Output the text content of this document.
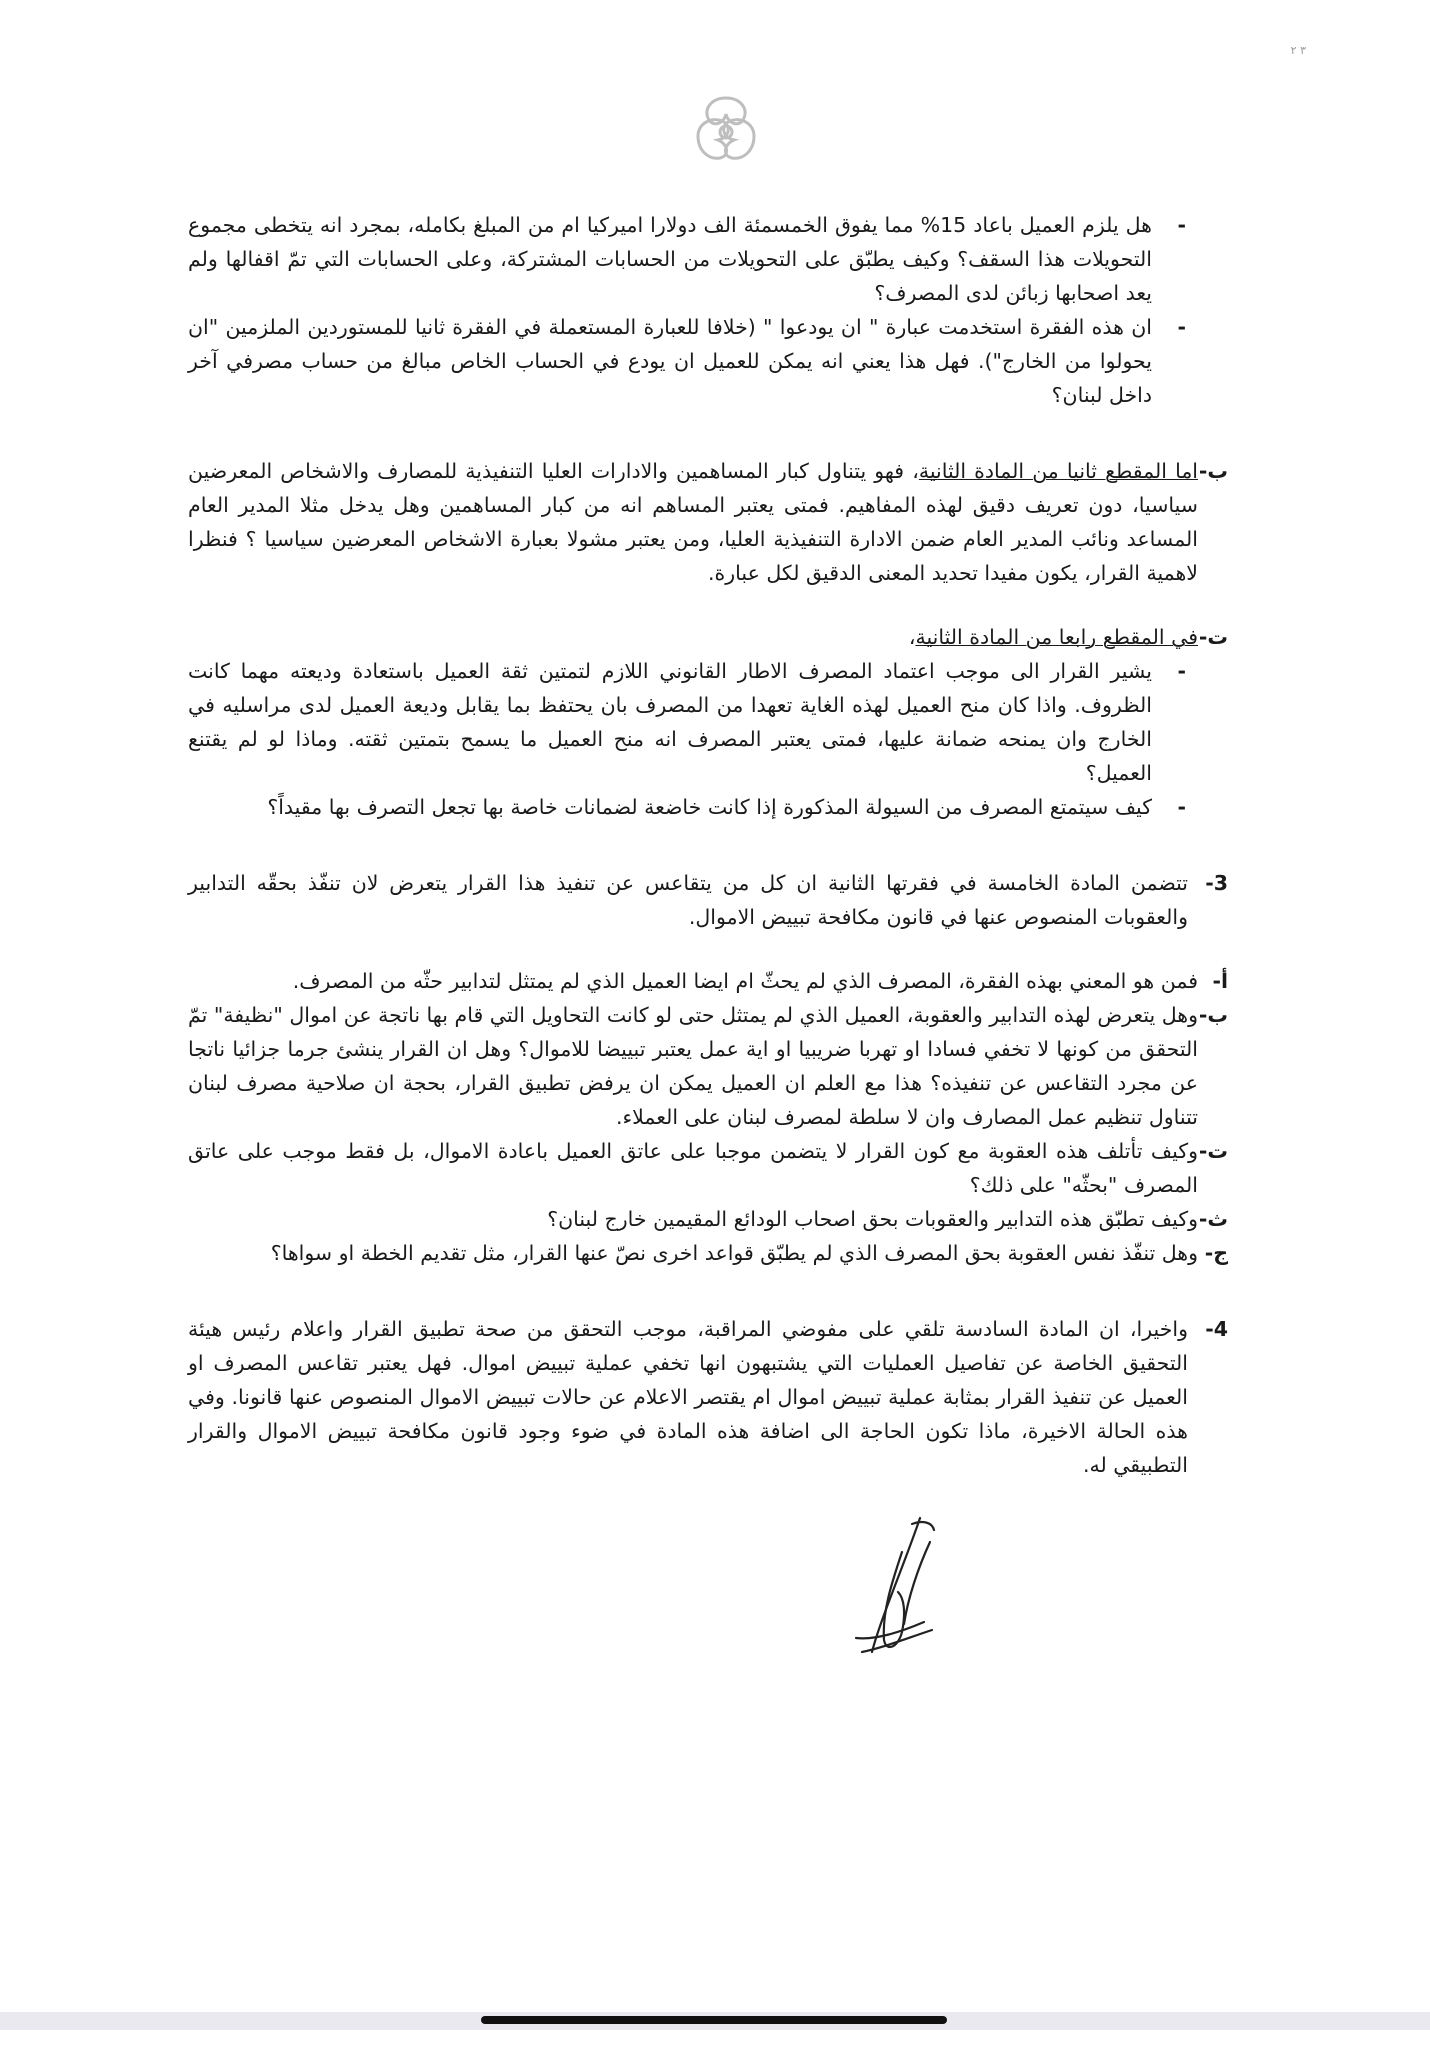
٣ ٢
-
هل يلزم العميل باعاد 15% مما يفوق الخمسمئة الف دولارا اميركيا ام من المبلغ بكامله، بمجرد انه يتخطى مجموع التحويلات هذا السقف؟ وكيف يطبّق على التحويلات من الحسابات المشتركة، وعلى الحسابات التي تمّ اقفالها ولم يعد اصحابها زبائن لدى المصرف؟
-
ان هذه الفقرة استخدمت عبارة " ان يودعوا " (خلافا للعبارة المستعملة في الفقرة ثانيا للمستوردين الملزمين "ان يحولوا من الخارج"). فهل هذا يعني انه يمكن للعميل ان يودع في الحساب الخاص مبالغ من حساب مصرفي آخر داخل لبنان؟
ب-
اما المقطع ثانيا من المادة الثانية، فهو يتناول كبار المساهمين والادارات العليا التنفيذية للمصارف والاشخاص المعرضين سياسيا، دون تعريف دقيق لهذه المفاهيم. فمتى يعتبر المساهم انه من كبار المساهمين وهل يدخل مثلا المدير العام المساعد ونائب المدير العام ضمن الادارة التنفيذية العليا، ومن يعتبر مشولا بعبارة الاشخاص المعرضين سياسيا ؟ فنظرا لاهمية القرار، يكون مفيدا تحديد المعنى الدقيق لكل عبارة.
ت-
في المقطع رابعا من المادة الثانية،
-
يشير القرار الى موجب اعتماد المصرف الاطار القانوني اللازم لتمتين ثقة العميل باستعادة وديعته مهما كانت الظروف. واذا كان منح العميل لهذه الغاية تعهدا من المصرف بان يحتفظ بما يقابل وديعة العميل لدى مراسليه في الخارج وان يمنحه ضمانة عليها، فمتى يعتبر المصرف انه منح العميل ما يسمح بتمتين ثقته. وماذا لو لم يقتنع العميل؟
-
كيف سيتمتع المصرف من السيولة المذكورة إذا كانت خاضعة لضمانات خاصة بها تجعل التصرف بها مقيداً؟
3-
تتضمن المادة الخامسة في فقرتها الثانية ان كل من يتقاعس عن تنفيذ هذا القرار يتعرض لان تنفّذ بحقّه التدابير والعقوبات المنصوص عنها في قانون مكافحة تبييض الاموال.
أ-
فمن هو المعني بهذه الفقرة، المصرف الذي لم يحثّ ام ايضا العميل الذي لم يمتثل لتدابير حثّه من المصرف.
ب-
وهل يتعرض لهذه التدابير والعقوبة، العميل الذي لم يمتثل حتى لو كانت التحاويل التي قام بها ناتجة عن اموال "نظيفة" تمّ التحقق من كونها لا تخفي فسادا او تهربا ضريبيا او اية عمل يعتبر تبييضا للاموال؟ وهل ان القرار ينشئ جرما جزائيا ناتجا عن مجرد التقاعس عن تنفيذه؟ هذا مع العلم ان العميل يمكن ان يرفض تطبيق القرار، بحجة ان صلاحية مصرف لبنان تتناول تنظيم عمل المصارف وان لا سلطة لمصرف لبنان على العملاء.
ت-
وكيف تأتلف هذه العقوبة مع كون القرار لا يتضمن موجبا على عاتق العميل باعادة الاموال، بل فقط موجب على عاتق المصرف "بحثّه" على ذلك؟
ث-
وكيف تطبّق هذه التدابير والعقوبات بحق اصحاب الودائع المقيمين خارج لبنان؟
ج-
وهل تنفّذ نفس العقوبة بحق المصرف الذي لم يطبّق قواعد اخرى نصّ عنها القرار، مثل تقديم الخطة او سواها؟
4-
واخيرا، ان المادة السادسة تلقي على مفوضي المراقبة، موجب التحقق من صحة تطبيق القرار واعلام رئيس هيئة التحقيق الخاصة عن تفاصيل العمليات التي يشتبهون انها تخفي عملية تبييض اموال. فهل يعتبر تقاعس المصرف او العميل عن تنفيذ القرار بمثابة عملية تبييض اموال ام يقتصر الاعلام عن حالات تبييض الاموال المنصوص عنها قانونا. وفي هذه الحالة الاخيرة، ماذا تكون الحاجة الى اضافة هذه المادة في ضوء وجود قانون مكافحة تبييض الاموال والقرار التطبيقي له.
